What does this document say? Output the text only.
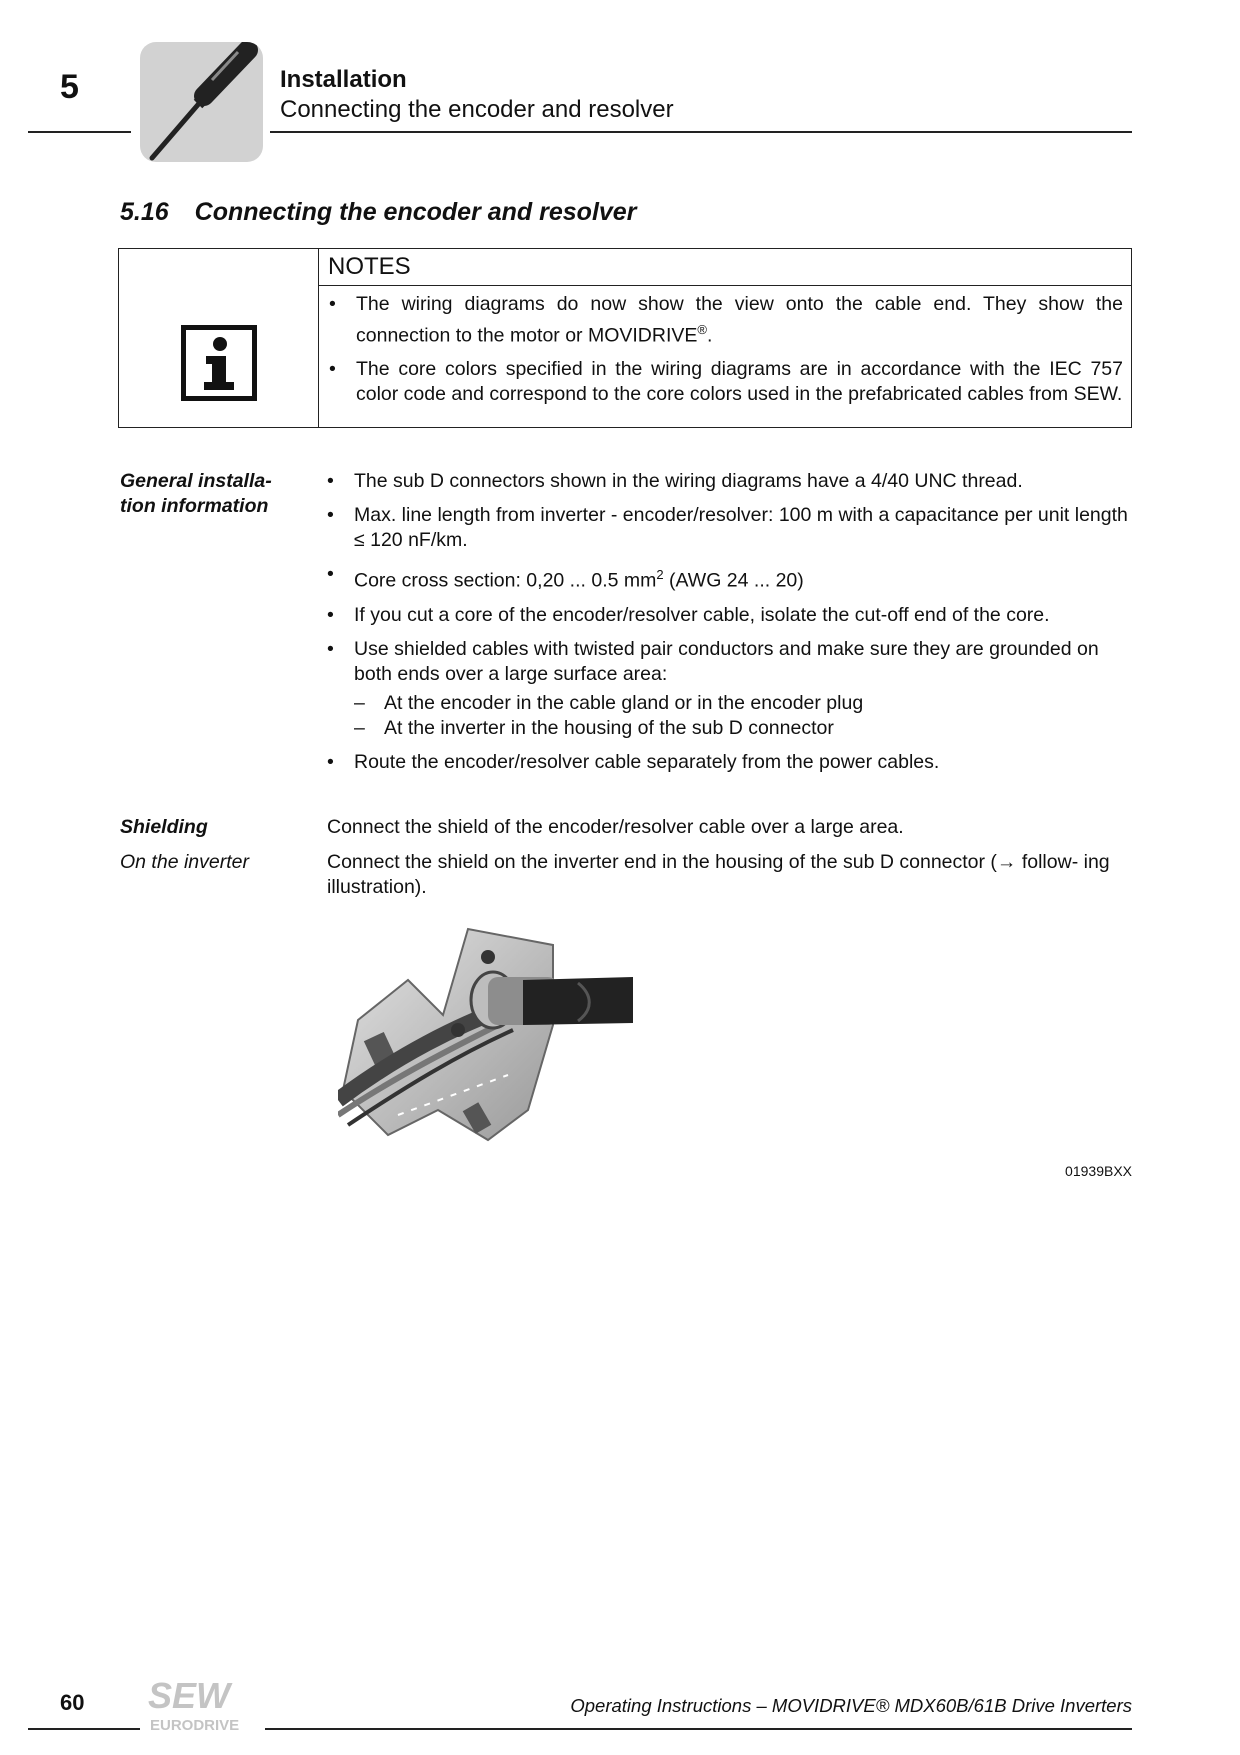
5	Installation
Connecting the encoder and resolver
5.16 Connecting the encoder and resolver
NOTES
• The wiring diagrams do now show the view onto the cable end. They show the connection to the motor or MOVIDRIVE®.
• The core colors specified in the wiring diagrams are in accordance with the IEC 757 color code and correspond to the core colors used in the prefabricated cables from SEW.
General installa-
tion information
• The sub D connectors shown in the wiring diagrams have a 4/40 UNC thread.
• Max. line length from inverter - encoder/resolver: 100 m with a capacitance per unit length ≤ 120 nF/km.
• Core cross section: 0,20 ... 0.5 $mm^2$ (AWG 24 ... 20)
• If you cut a core of the encoder/resolver cable, isolate the cut-off end of the core.
• Use shielded cables with twisted pair conductors and make sure they are grounded on both ends over a large surface area:
– At the encoder in the cable gland or in the encoder plug
– At the inverter in the housing of the sub D connector
• Route the encoder/resolver cable separately from the power cables.
Shielding	Connect the shield of the encoder/resolver cable over a large area.
On the inverter	Connect the shield on the inverter end in the housing of the sub D connector (→ follow- ing illustration).
01939BXX
60 SEW
EURODRIVE
Operating Instructions – MOVIDRIVE® MDX60B/61B Drive Inverters
